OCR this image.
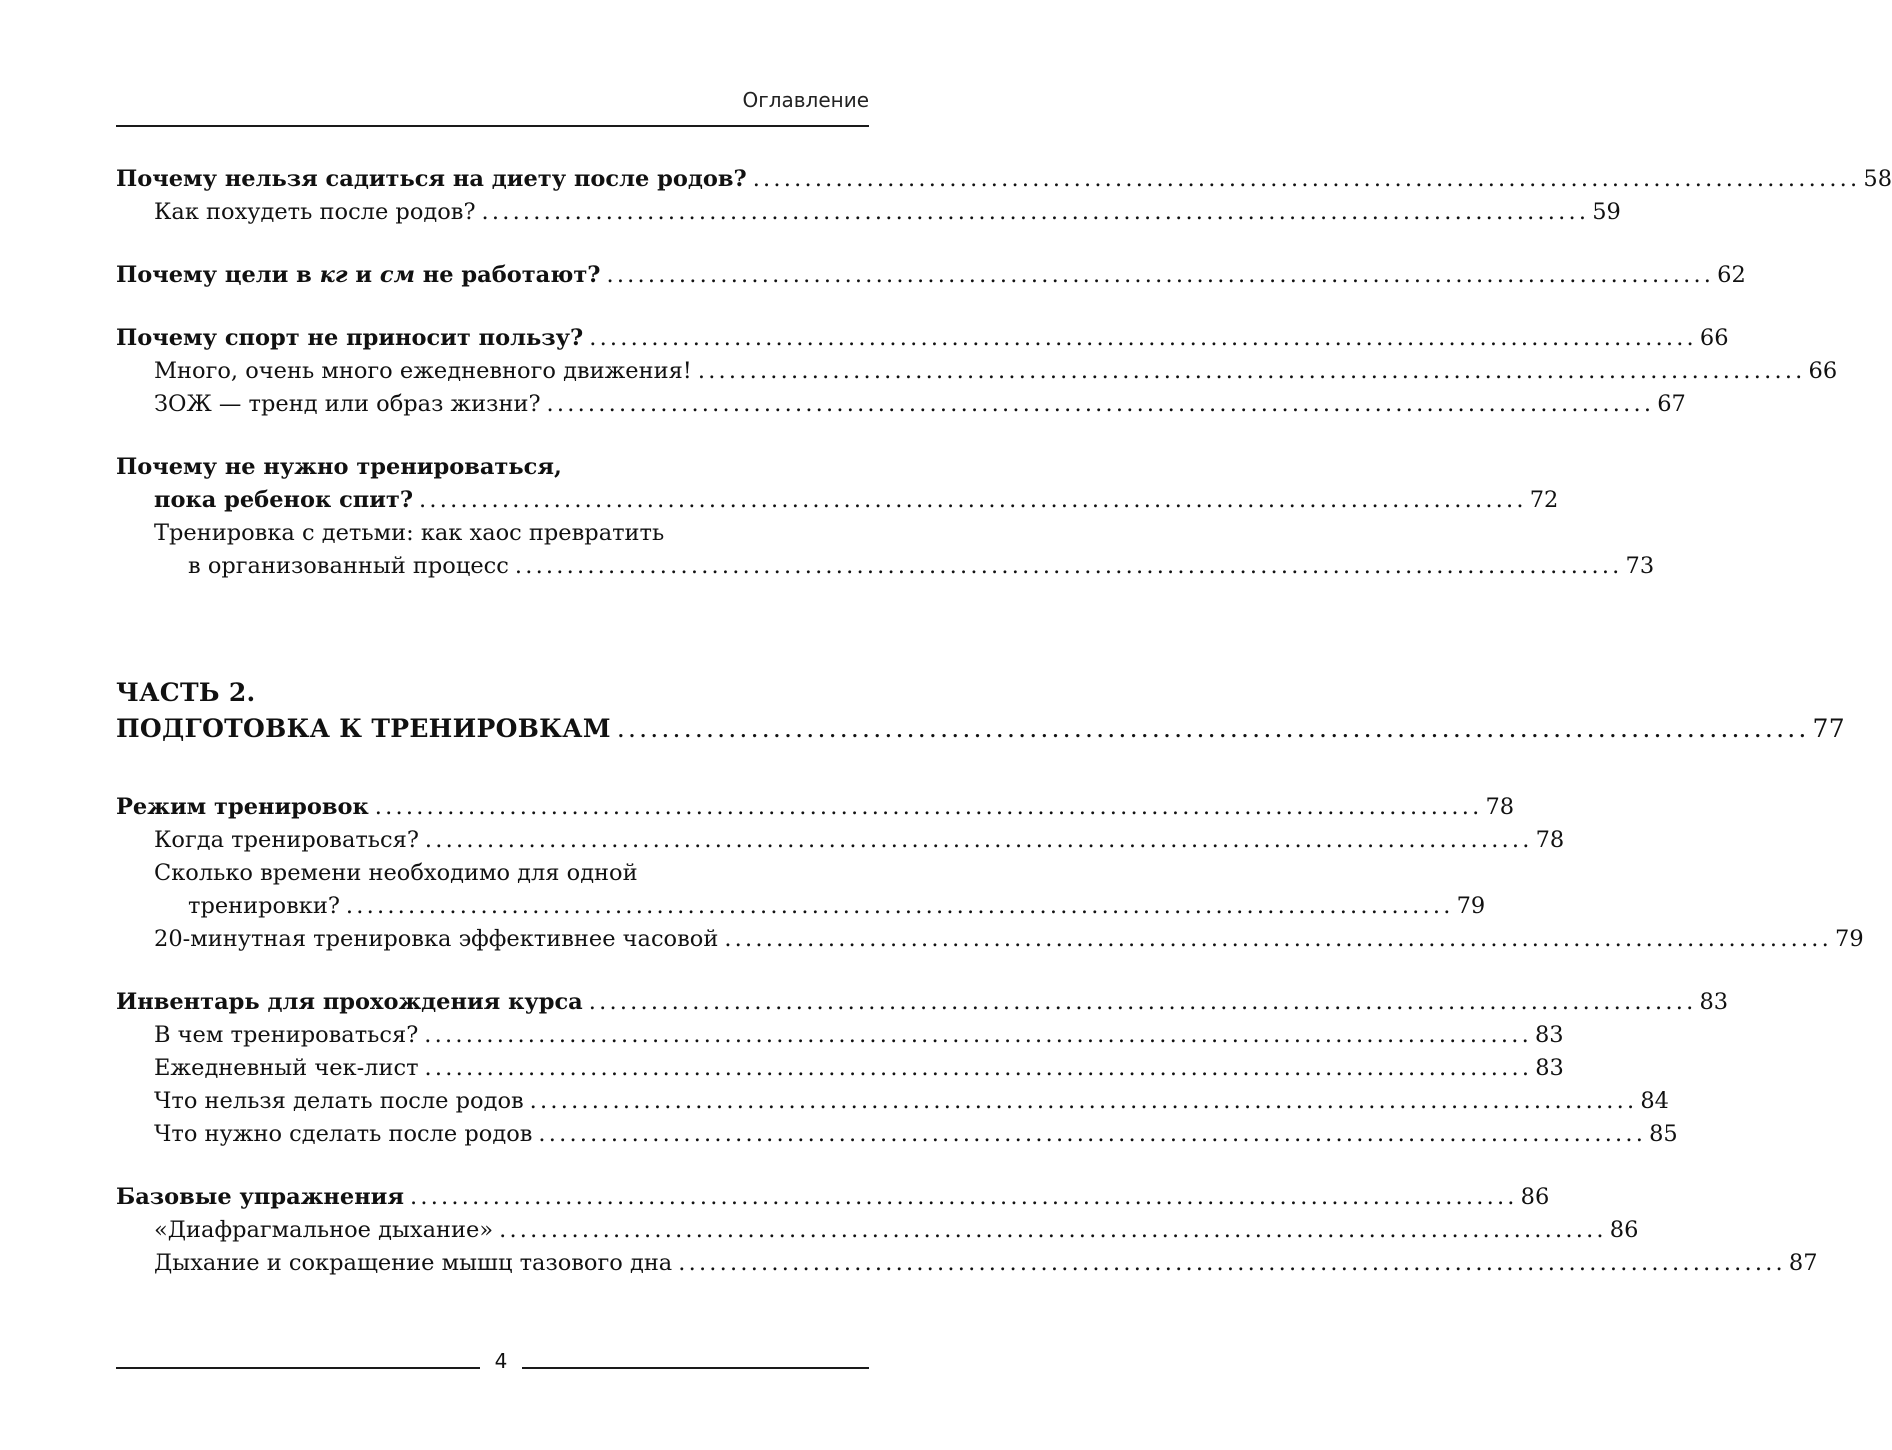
Оглавление
Почему нельзя садиться на диету после родов? ........................................................................................................... 58
Как похудеть после родов? ........................................................................................................... 59
Почему цели в кг и см не работают? ........................................................................................................... 62
Почему спорт не приносит пользу? ........................................................................................................... 66
Много, очень много ежедневного движения! ........................................................................................................... 66
ЗОЖ — тренд или образ жизни? ........................................................................................................... 67
Почему не нужно тренироваться,
пока ребенок спит? ........................................................................................................... 72
Тренировка с детьми: как хаос превратить
в организованный процесс ........................................................................................................... 73
ЧАСТЬ 2.
ПОДГОТОВКА К ТРЕНИРОВКАМ ........................................................................................................... 77
Режим тренировок ........................................................................................................... 78
Когда тренироваться? ........................................................................................................... 78
Сколько времени необходимо для одной
тренировки? ........................................................................................................... 79
20-минутная тренировка эффективнее часовой ........................................................................................................... 79
Инвентарь для прохождения курса ........................................................................................................... 83
В чем тренироваться? ........................................................................................................... 83
Ежедневный чек-лист ........................................................................................................... 83
Что нельзя делать после родов ........................................................................................................... 84
Что нужно сделать после родов ........................................................................................................... 85
Базовые упражнения ........................................................................................................... 86
«Диафрагмальное дыхание» ........................................................................................................... 86
Дыхание и сокращение мышц тазового дна ........................................................................................................... 87
4
